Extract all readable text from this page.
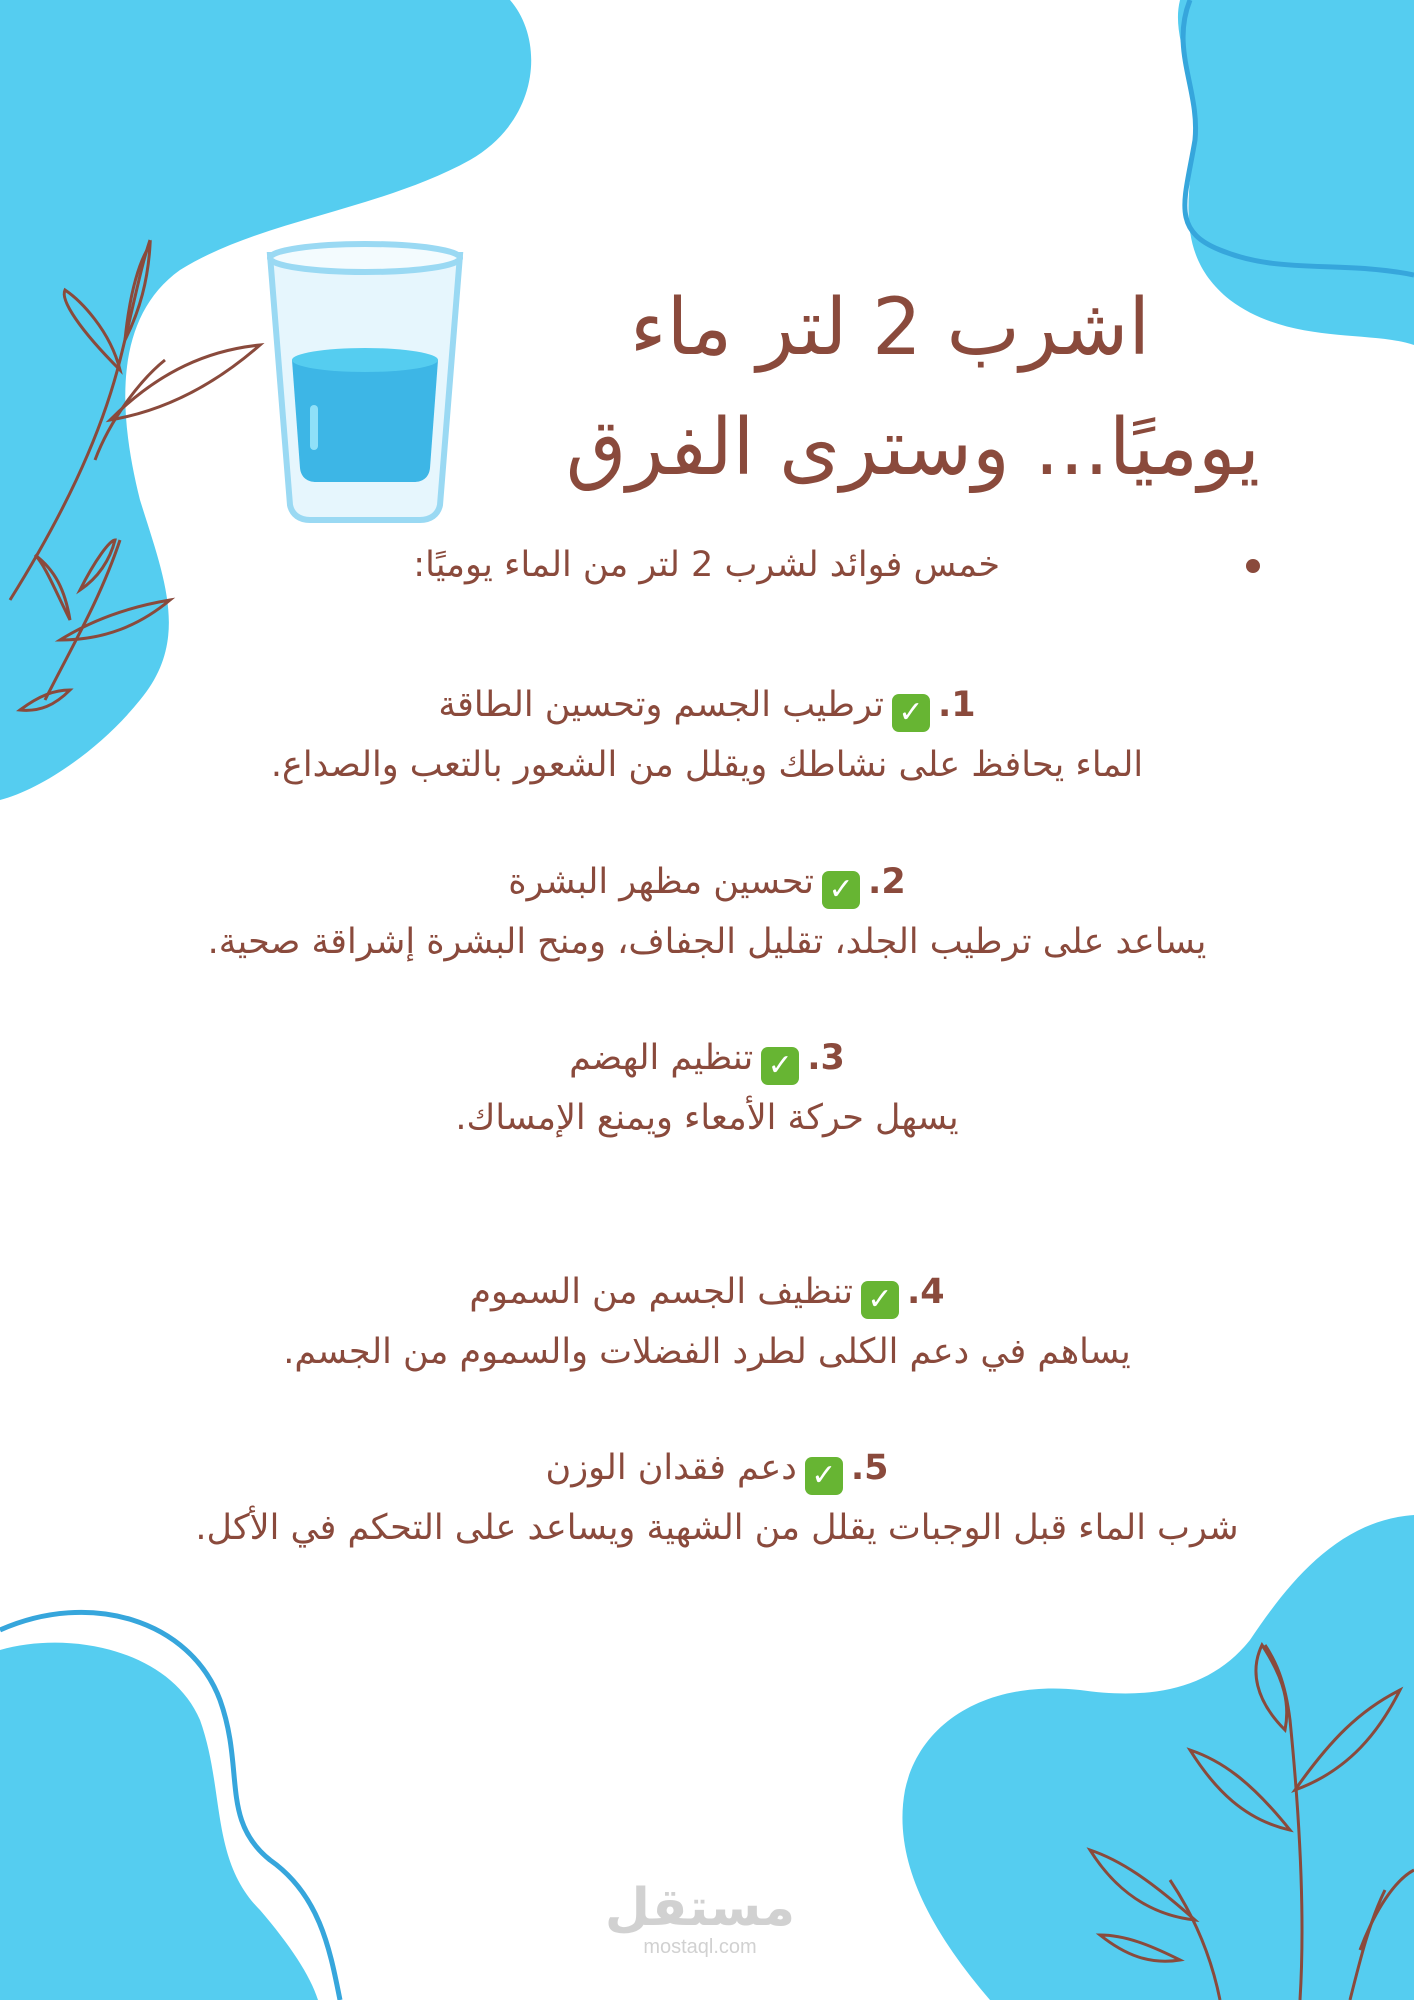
اشرب 2 لتر ماء
يوميًا... وسترى الفرق
خمس فوائد لشرب 2 لتر من الماء يوميًا:
1.✓ترطيب الجسم وتحسين الطاقة
الماء يحافظ على نشاطك ويقلل من الشعور بالتعب والصداع.
2.✓تحسين مظهر البشرة
يساعد على ترطيب الجلد، تقليل الجفاف، ومنح البشرة إشراقة صحية.
3.✓تنظيم الهضم
يسهل حركة الأمعاء ويمنع الإمساك.
4.✓تنظيف الجسم من السموم
يساهم في دعم الكلى لطرد الفضلات والسموم من الجسم.
5.✓دعم فقدان الوزن
شرب الماء قبل الوجبات يقلل من الشهية ويساعد على التحكم في الأكل.
مستقل
mostaql.com
